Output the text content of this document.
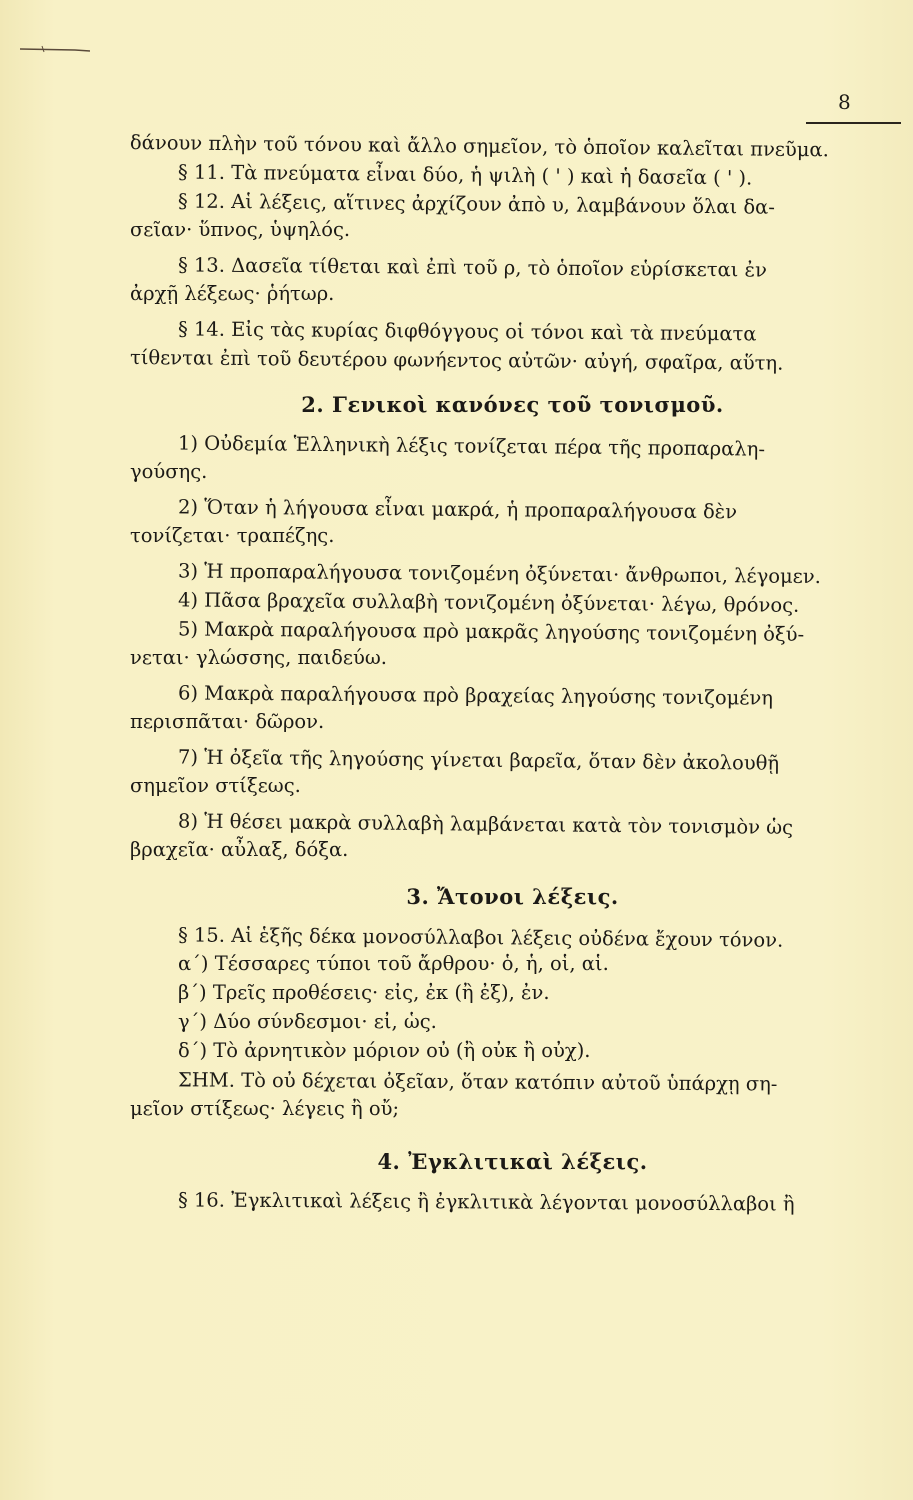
8
δάνουν πλὴν τοῦ τόνου καὶ ἄλλο σημεῖον, τὸ ὁποῖον καλεῖται πνεῦμα.
§ 11. Τὰ πνεύματα εἶναι δύο, ἡ ψιλὴ ( ' ) καὶ ἡ δασεῖα ( ' ).
§ 12. Αἱ λέξεις, αἵτινες ἀρχίζουν ἀπὸ υ, λαμβάνουν ὅλαι δα-
σεῖαν· ὕπνος, ὑψηλός.
§ 13. Δασεῖα τίθεται καὶ ἐπὶ τοῦ ρ, τὸ ὁποῖον εὑρίσκεται ἐν
ἀρχῇ λέξεως· ῥήτωρ.
§ 14. Εἰς τὰς κυρίας διφθόγγους οἱ τόνοι καὶ τὰ πνεύματα
τίθενται ἐπὶ τοῦ δευτέρου φωνήεντος αὐτῶν· αὐγή, σφαῖρα, αὕτη.
2. Γενικοὶ κανόνες τοῦ τονισμοῦ.
1) Οὐδεμία Ἑλληνικὴ λέξις τονίζεται πέρα τῆς προπαραλη-
γούσης.
2) Ὅταν ἡ λήγουσα εἶναι μακρά, ἡ προπαραλήγουσα δὲν
τονίζεται· τραπέζης.
3) Ἡ προπαραλήγουσα τονιζομένη ὀξύνεται· ἄνθρωποι, λέγομεν.
4) Πᾶσα βραχεῖα συλλαβὴ τονιζομένη ὀξύνεται· λέγω, θρόνος.
5) Μακρὰ παραλήγουσα πρὸ μακρᾶς ληγούσης τονιζομένη ὀξύ-
νεται· γλώσσης, παιδεύω.
6) Μακρὰ παραλήγουσα πρὸ βραχείας ληγούσης τονιζομένη
περισπᾶται· δῶρον.
7) Ἡ ὀξεῖα τῆς ληγούσης γίνεται βαρεῖα, ὅταν δὲν ἀκολουθῇ
σημεῖον στίξεως.
8) Ἡ θέσει μακρὰ συλλαβὴ λαμβάνεται κατὰ τὸν τονισμὸν ὡς
βραχεῖα· αὖλαξ, δόξα.
3. Ἄτονοι λέξεις.
§ 15. Αἱ ἑξῆς δέκα μονοσύλλαβοι λέξεις οὐδένα ἔχουν τόνον.
α΄) Τέσσαρες τύποι τοῦ ἄρθρου· ὁ, ἡ, οἱ, αἱ.
β΄) Τρεῖς προθέσεις· εἰς, ἐκ (ἢ ἐξ), ἐν.
γ΄) Δύο σύνδεσμοι· εἰ, ὡς.
δ΄) Τὸ ἀρνητικὸν μόριον οὐ (ἢ οὐκ ἢ οὐχ).
ΣΗΜ. Τὸ οὐ δέχεται ὀξεῖαν, ὅταν κατόπιν αὐτοῦ ὑπάρχῃ ση-
μεῖον στίξεως· λέγεις ἢ οὔ;
4. Ἐγκλιτικαὶ λέξεις.
§ 16. Ἐγκλιτικαὶ λέξεις ἢ ἐγκλιτικὰ λέγονται μονοσύλλαβοι ἢ
